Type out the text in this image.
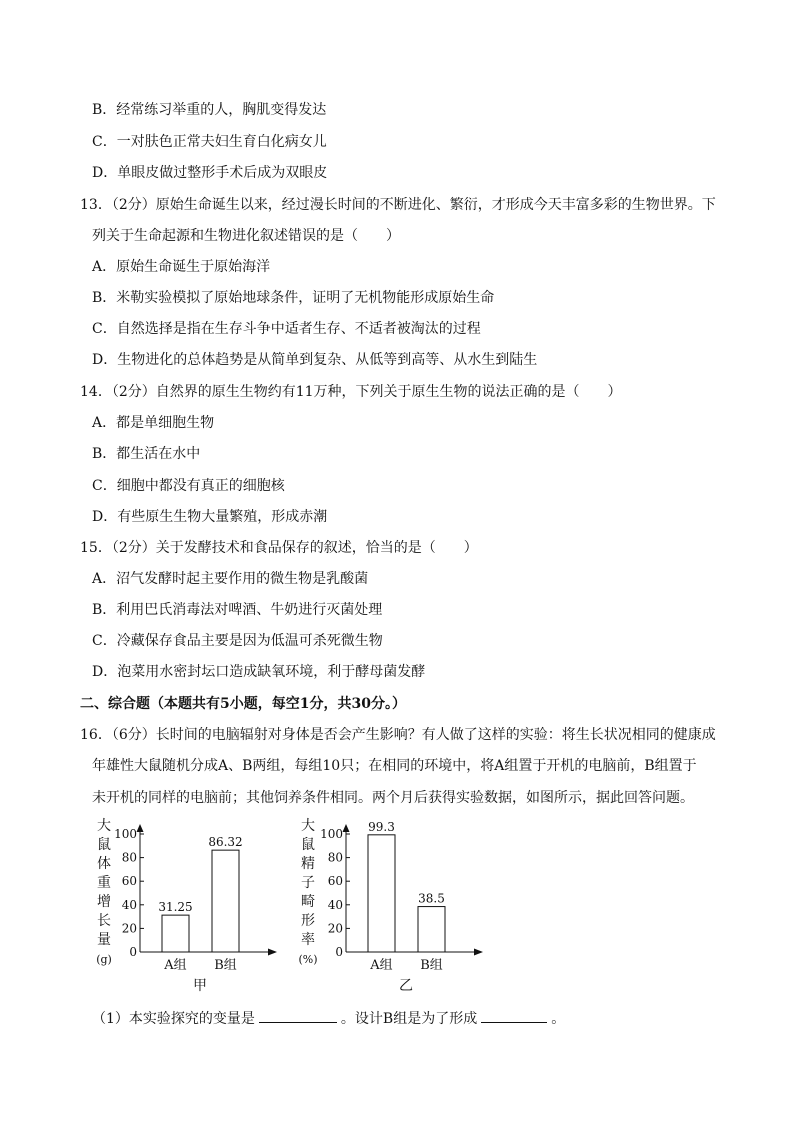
B．经常练习举重的人，胸肌变得发达
C．一对肤色正常夫妇生育白化病女儿
D．单眼皮做过整形手术后成为双眼皮
13．（2分）原始生命诞生以来，经过漫长时间的不断进化、繁衍，才形成今天丰富多彩的生物世界。下
列关于生命起源和生物进化叙述错误的是（　　）
A．原始生命诞生于原始海洋
B．米勒实验模拟了原始地球条件，证明了无机物能形成原始生命
C．自然选择是指在生存斗争中适者生存、不适者被淘汰的过程
D．生物进化的总体趋势是从简单到复杂、从低等到高等、从水生到陆生
14．（2分）自然界的原生生物约有11万种，下列关于原生生物的说法正确的是（　　）
A．都是单细胞生物
B．都生活在水中
C．细胞中都没有真正的细胞核
D．有些原生生物大量繁殖，形成赤潮
15．（2分）关于发酵技术和食品保存的叙述，恰当的是（　　）
A．沼气发酵时起主要作用的微生物是乳酸菌
B．利用巴氏消毒法对啤酒、牛奶进行灭菌处理
C．冷藏保存食品主要是因为低温可杀死微生物
D．泡菜用水密封坛口造成缺氧环境，利于酵母菌发酵
二、综合题（本题共有5小题，每空1分，共30分。）
16．（6分）长时间的电脑辐射对身体是否会产生影响？有人做了这样的实验：将生长状况相同的健康成
年雄性大鼠随机分成A、B两组，每组10只；在相同的环境中，将A组置于开机的电脑前，B组置于
未开机的同样的电脑前；其他饲养条件相同。两个月后获得实验数据，如图所示，据此回答问题。
大
鼠
体
重
增
长
量
(g)
0
20
40
60
80
100
31.25
A组
86.32
B组
甲
大
鼠
精
子
畸
形
率
(%)
0
20
40
60
80
100
99.3
A组
38.5
B组
乙
（1）本实验探究的变量是	。设计B组是为了形成	。
